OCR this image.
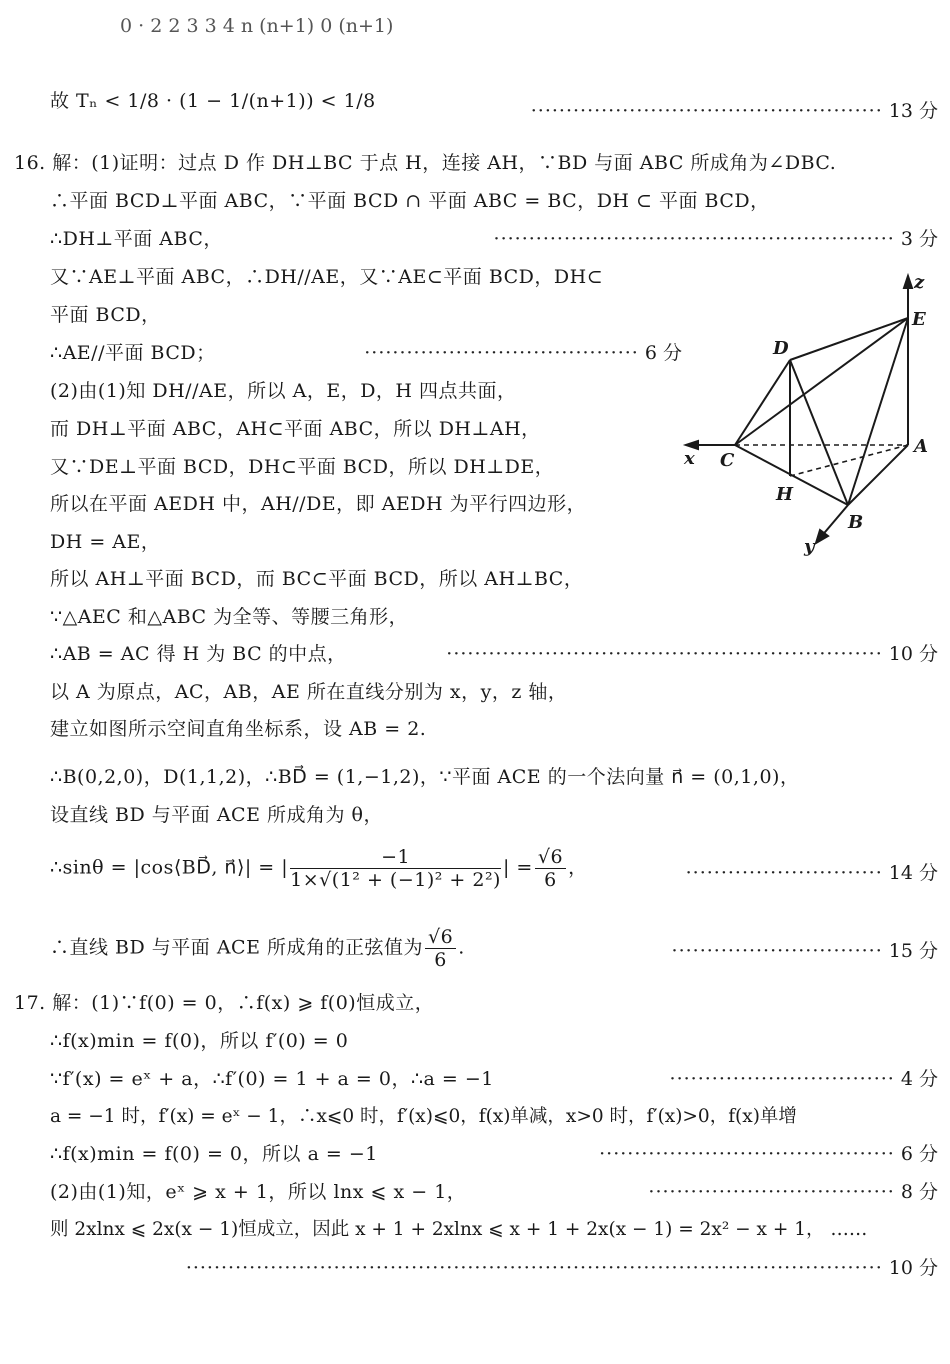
0 · 2 2 3 3 4 n (n+1) 0 (n+1)
故 Tₙ < 1/8 · (1 − 1/(n+1)) < 1/8	·················································· 13 分
16. 解：(1)证明：过点 D 作 DH⊥BC 于点 H，连接 AH，∵BD 与面 ABC 所成角为∠DBC.
∴平面 BCD⊥平面 ABC，∵平面 BCD ∩ 平面 ABC = BC，DH ⊂ 平面 BCD，
∴DH⊥平面 ABC，	························································· 3 分
又∵AE⊥平面 ABC，∴DH//AE，又∵AE⊂平面 BCD，DH⊂
平面 BCD，
∴AE//平面 BCD；	······································· 6 分
(2)由(1)知 DH//AE，所以 A，E，D，H 四点共面，
而 DH⊥平面 ABC，AH⊂平面 ABC，所以 DH⊥AH，
又∵DE⊥平面 BCD，DH⊂平面 BCD，所以 DH⊥DE，
所以在平面 AEDH 中，AH//DE，即 AEDH 为平行四边形，
DH = AE，
所以 AH⊥平面 BCD，而 BC⊂平面 BCD，所以 AH⊥BC，
∵△AEC 和△ABC 为全等、等腰三角形，
∴AB = AC 得 H 为 BC 的中点，	······························································ 10 分
以 A 为原点，AC，AB，AE 所在直线分别为 x，y，z 轴，
建立如图所示空间直角坐标系，设 AB = 2.
∴B(0,2,0)，D(1,1,2)，∴BD⃗ = (1,−1,2)，∵平面 ACE 的一个法向量 n⃗ = (0,1,0)，
设直线 BD 与平面 ACE 所成角为 θ，
∴sinθ = |cos⟨BD⃗, n⃗⟩| = | $\frac{-1}{\text{1×√(1² + (−1)² + 2²)}}$ | = $\frac{√6}{6}$ ，	···························· 14 分
∴直线 BD 与平面 ACE 所成角的正弦值为 $\frac{√6}{6}$ .	······························ 15 分
17. 解：(1)∵f(0) = 0，∴f(x) ⩾ f(0)恒成立，
∴f(x)min = f(0)，所以 f′(0) = 0
∵f′(x) = eˣ + a，∴f′(0) = 1 + a = 0，∴a = −1	································ 4 分
a = −1 时，f′(x) = eˣ − 1，∴x⩽0 时，f′(x)⩽0，f(x)单减，x>0 时，f′(x)>0，f(x)单增
∴f(x)min = f(0) = 0，所以 a = −1	·········································· 6 分
(2)由(1)知，eˣ ⩾ x + 1，所以 lnx ⩽ x − 1，	··································· 8 分
则 2xlnx ⩽ 2x(x − 1)恒成立，因此 x + 1 + 2xlnx ⩽ x + 1 + 2x(x − 1) = 2x² − x + 1， ……
··································································································· 10 分
z
E
D
x C
A
H
B
y
